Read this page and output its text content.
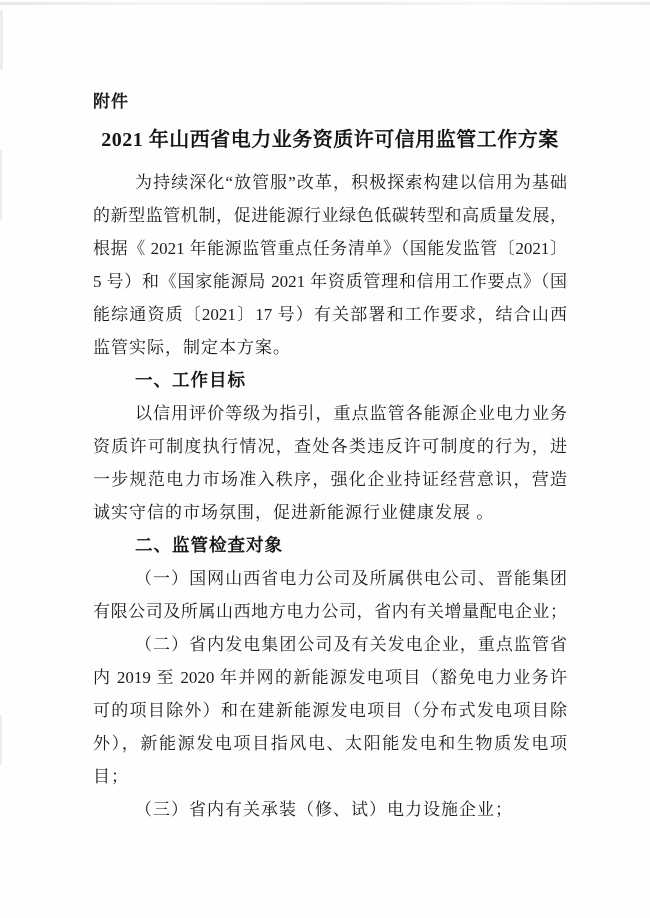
附件
2021 年山西省电力业务资质许可信用监管工作方案
为持续深化“放管服”改革，积极探索构建以信用为基础
的新型监管机制，促进能源行业绿色低碳转型和高质量发展，
根据《 2021 年能源监管重点任务清单》（国能发监管〔2021〕
5 号）和《国家能源局 2021 年资质管理和信用工作要点》（国
能综通资质〔2021〕17 号）有关部署和工作要求，结合山西
监管实际，制定本方案。
一、工作目标
以信用评价等级为指引，重点监管各能源企业电力业务
资质许可制度执行情况，查处各类违反许可制度的行为，进
一步规范电力市场准入秩序，强化企业持证经营意识，营造
诚实守信的市场氛围，促进新能源行业健康发展 。
二、监管检查对象
（一）国网山西省电力公司及所属供电公司、晋能集团
有限公司及所属山西地方电力公司，省内有关增量配电企业；
（二）省内发电集团公司及有关发电企业，重点监管省
内 2019 至 2020 年并网的新能源发电项目（豁免电力业务许
可的项目除外）和在建新能源发电项目（分布式发电项目除
外），新能源发电项目指风电、太阳能发电和生物质发电项
目；
（三）省内有关承装（修、试）电力设施企业；
